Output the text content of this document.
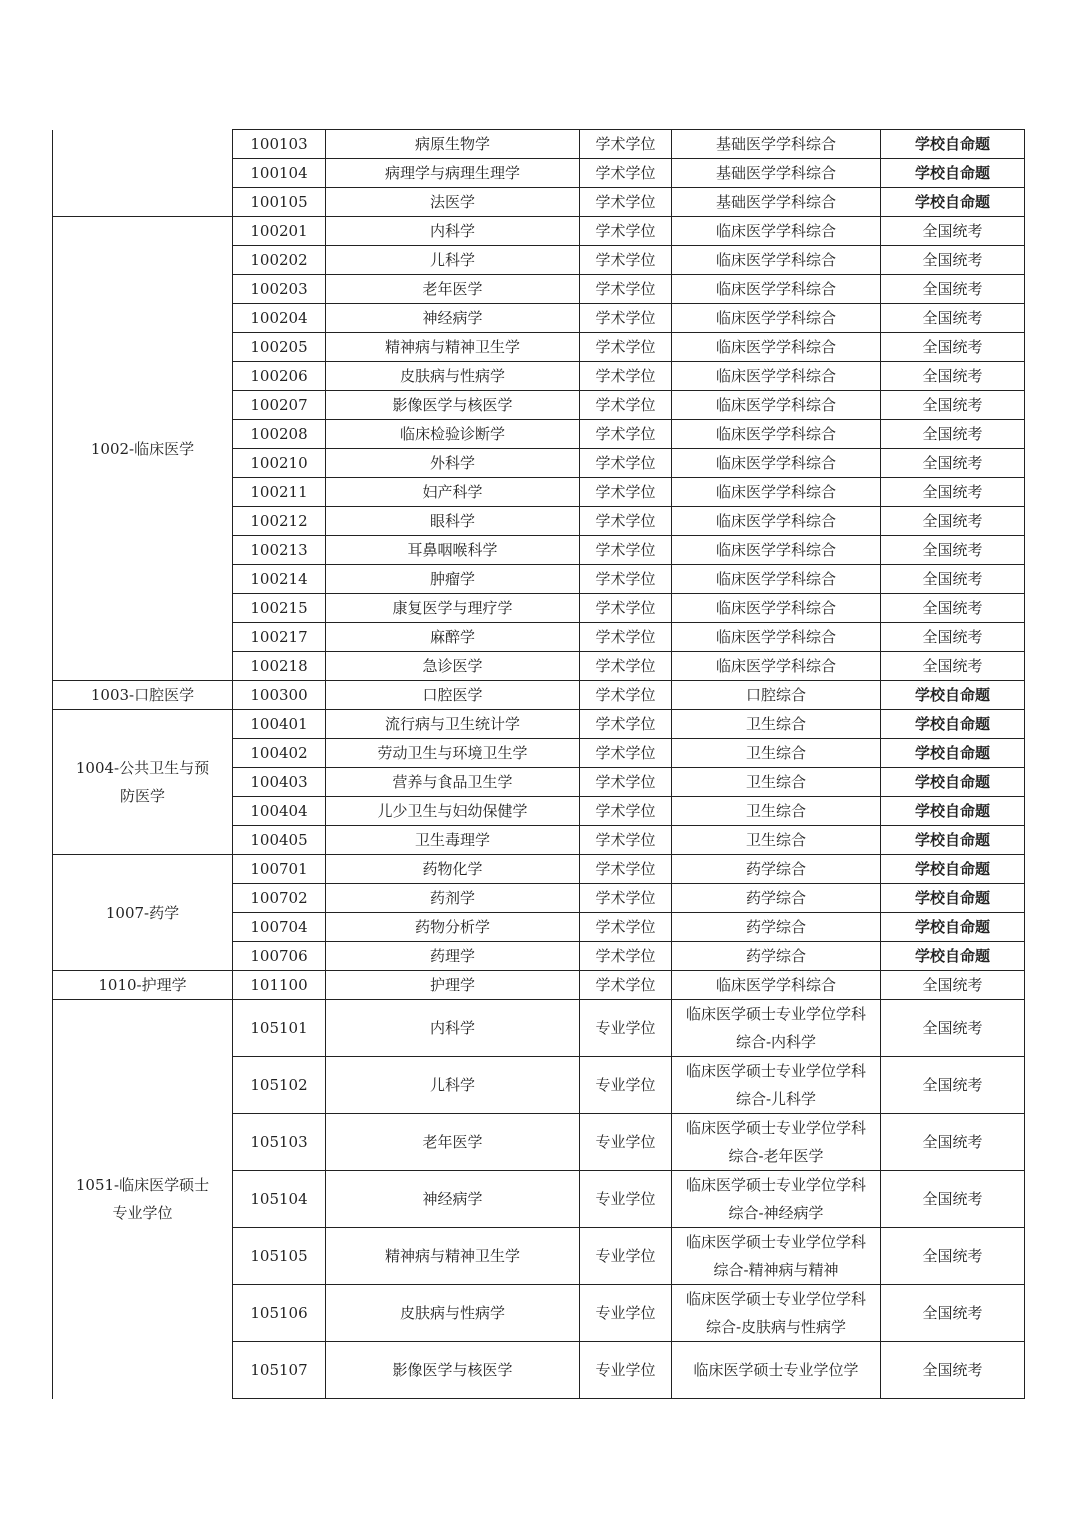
	100103	病原生物学	学术学位	基础医学学科综合	学校自命题
	100104	病理学与病理生理学	学术学位	基础医学学科综合	学校自命题
	100105	法医学	学术学位	基础医学学科综合	学校自命题
1002-临床医学	100201	内科学	学术学位	临床医学学科综合	全国统考
	100202	儿科学	学术学位	临床医学学科综合	全国统考
	100203	老年医学	学术学位	临床医学学科综合	全国统考
	100204	神经病学	学术学位	临床医学学科综合	全国统考
	100205	精神病与精神卫生学	学术学位	临床医学学科综合	全国统考
	100206	皮肤病与性病学	学术学位	临床医学学科综合	全国统考
	100207	影像医学与核医学	学术学位	临床医学学科综合	全国统考
	100208	临床检验诊断学	学术学位	临床医学学科综合	全国统考
	100210	外科学	学术学位	临床医学学科综合	全国统考
	100211	妇产科学	学术学位	临床医学学科综合	全国统考
	100212	眼科学	学术学位	临床医学学科综合	全国统考
	100213	耳鼻咽喉科学	学术学位	临床医学学科综合	全国统考
	100214	肿瘤学	学术学位	临床医学学科综合	全国统考
	100215	康复医学与理疗学	学术学位	临床医学学科综合	全国统考
	100217	麻醉学	学术学位	临床医学学科综合	全国统考
	100218	急诊医学	学术学位	临床医学学科综合	全国统考
1003-口腔医学	100300	口腔医学	学术学位	口腔综合	学校自命题
1004-公共卫生与预防医学	100401	流行病与卫生统计学	学术学位	卫生综合	学校自命题
	100402	劳动卫生与环境卫生学	学术学位	卫生综合	学校自命题
	100403	营养与食品卫生学	学术学位	卫生综合	学校自命题
	100404	儿少卫生与妇幼保健学	学术学位	卫生综合	学校自命题
	100405	卫生毒理学	学术学位	卫生综合	学校自命题
1007-药学	100701	药物化学	学术学位	药学综合	学校自命题
	100702	药剂学	学术学位	药学综合	学校自命题
	100704	药物分析学	学术学位	药学综合	学校自命题
	100706	药理学	学术学位	药学综合	学校自命题
1010-护理学	101100	护理学	学术学位	临床医学学科综合	全国统考
1051-临床医学硕士专业学位	105101	内科学	专业学位	临床医学硕士专业学位学科综合-内科学	全国统考
	105102	儿科学	专业学位	临床医学硕士专业学位学科综合-儿科学	全国统考
	105103	老年医学	专业学位	临床医学硕士专业学位学科综合-老年医学	全国统考
	105104	神经病学	专业学位	临床医学硕士专业学位学科综合-神经病学	全国统考
	105105	精神病与精神卫生学	专业学位	临床医学硕士专业学位学科综合-精神病与精神	全国统考
	105106	皮肤病与性病学	专业学位	临床医学硕士专业学位学科综合-皮肤病与性病学	全国统考
	105107	影像医学与核医学	专业学位	临床医学硕士专业学位学	全国统考
